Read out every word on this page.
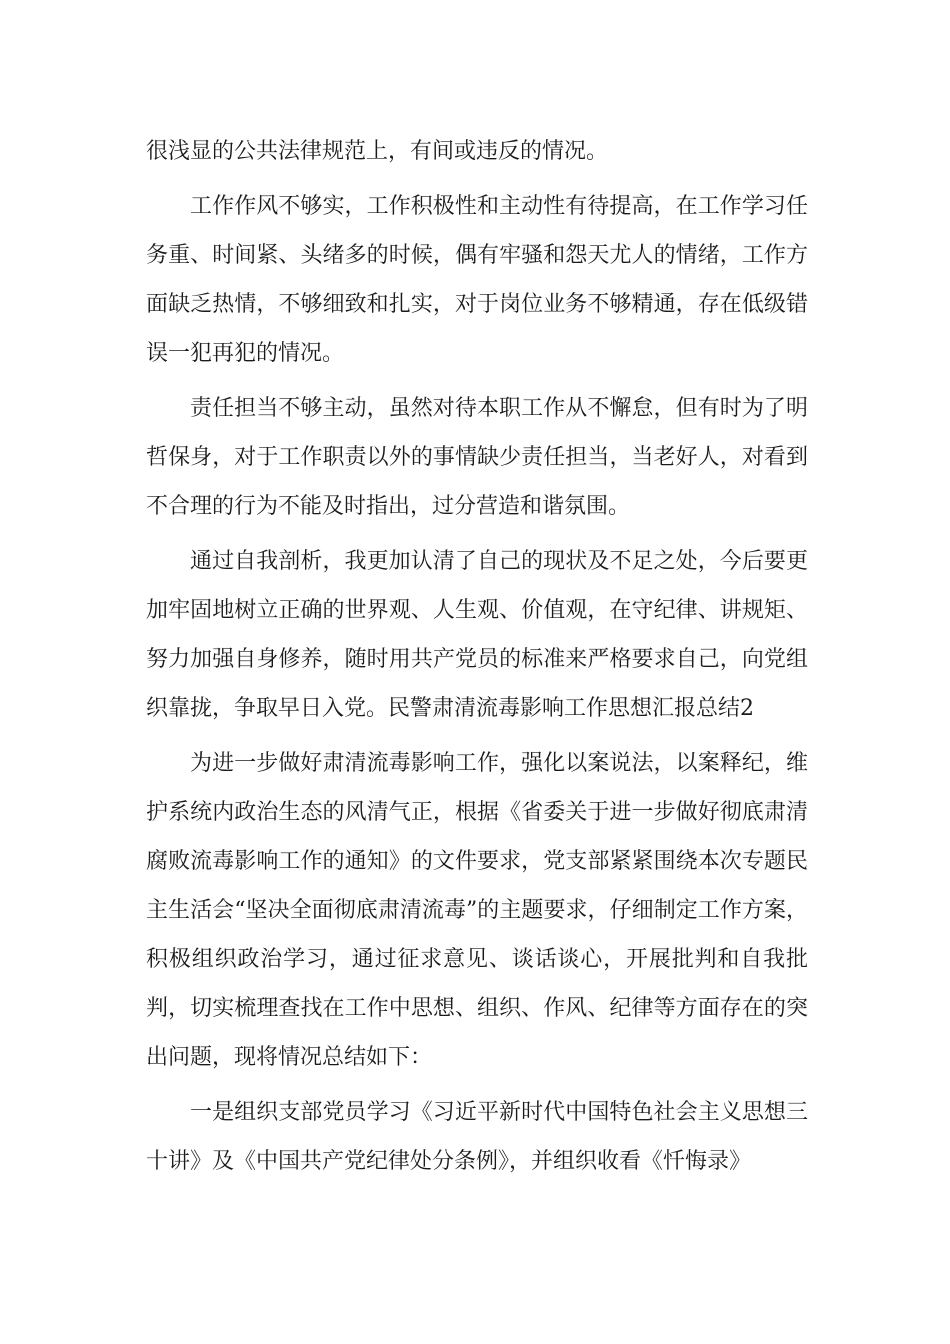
很浅显的公共法律规范上，有间或违反的情况。

工作作风不够实，工作积极性和主动性有待提高，在工作学习任务重、时间紧、头绪多的时候，偶有牢骚和怨天尤人的情绪，工作方面缺乏热情，不够细致和扎实，对于岗位业务不够精通，存在低级错误一犯再犯的情况。

责任担当不够主动，虽然对待本职工作从不懈怠，但有时为了明哲保身，对于工作职责以外的事情缺少责任担当，当老好人，对看到不合理的行为不能及时指出，过分营造和谐氛围。

通过自我剖析，我更加认清了自己的现状及不足之处，今后要更加牢固地树立正确的世界观、人生观、价值观，在守纪律、讲规矩、努力加强自身修养，随时用共产党员的标准来严格要求自己，向党组织靠拢，争取早日入党。民警肃清流毒影响工作思想汇报总结2

为进一步做好肃清流毒影响工作，强化以案说法，以案释纪，维护系统内政治生态的风清气正，根据《省委关于进一步做好彻底肃清腐败流毒影响工作的通知》的文件要求，党支部紧紧围绕本次专题民主生活会“坚决全面彻底肃清流毒”的主题要求，仔细制定工作方案，积极组织政治学习，通过征求意见、谈话谈心，开展批判和自我批判，切实梳理查找在工作中思想、组织、作风、纪律等方面存在的突出问题，现将情况总结如下：

一是组织支部党员学习《习近平新时代中国特色社会主义思想三十讲》及《中国共产党纪律处分条例》，并组织收看《忏悔录》
